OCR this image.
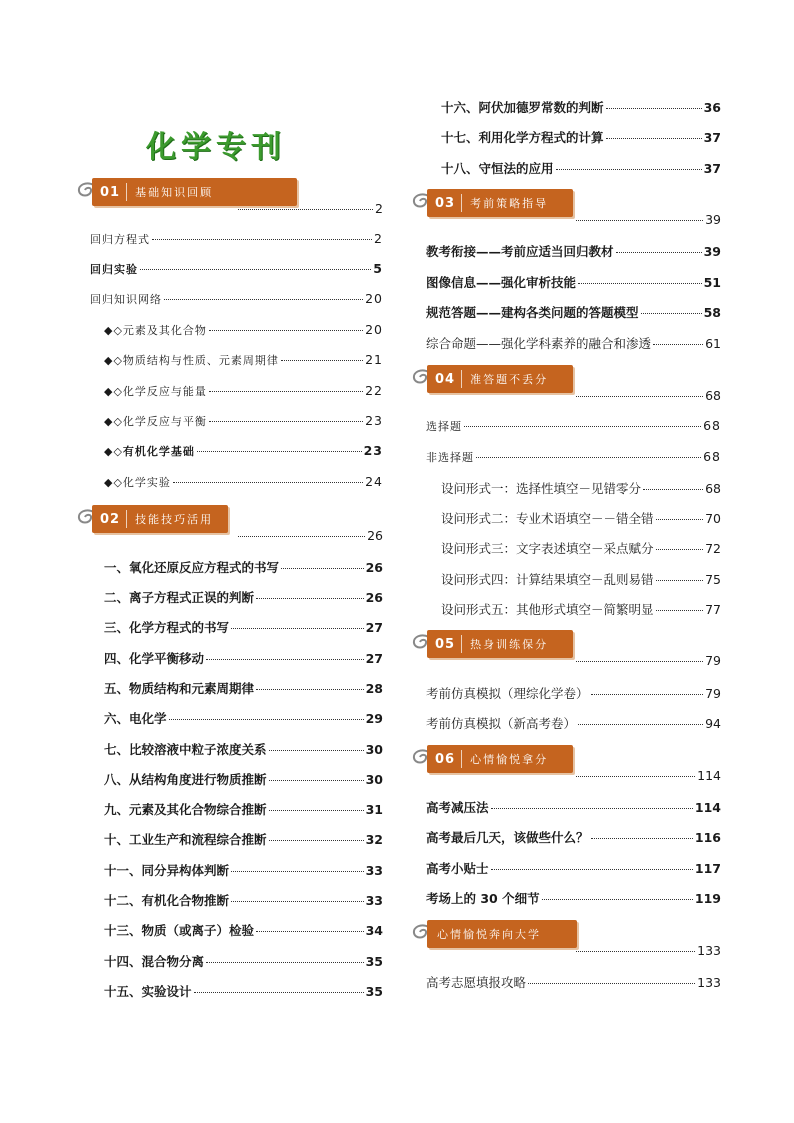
化学专刊
01	基础知识回顾
2
回归方程式	2
回归实验	5
回归知识网络	20
◆◇元素及其化合物	20
◆◇物质结构与性质、元素周期律	21
◆◇化学反应与能量	22
◆◇化学反应与平衡	23
◆◇有机化学基础	23
◆◇化学实验	24
02	技能技巧活用
26
一、氧化还原反应方程式的书写	26
二、离子方程式正误的判断	26
三、化学方程式的书写	27
四、化学平衡移动	27
五、物质结构和元素周期律	28
六、电化学	29
七、比较溶液中粒子浓度关系	30
八、从结构角度进行物质推断	30
九、元素及其化合物综合推断	31
十、工业生产和流程综合推断	32
十一、同分异构体判断	33
十二、有机化合物推断	33
十三、物质（或离子）检验	34
十四、混合物分离	35
十五、实验设计	35
十六、阿伏加德罗常数的判断	36
十七、利用化学方程式的计算	37
十八、守恒法的应用	37
03	考前策略指导
39
教考衔接——考前应适当回归教材	39
图像信息——强化审析技能	51
规范答题——建构各类问题的答题模型	58
综合命题——强化学科素养的融合和渗透	61
04	准答题不丢分
68
选择题	68
非选择题	68
设问形式一：选择性填空－见错零分	68
设问形式二：专业术语填空－－错全错	70
设问形式三：文字表述填空－采点赋分	72
设问形式四：计算结果填空－乱则易错	75
设问形式五：其他形式填空－简繁明显	77
05	热身训练保分
79
考前仿真模拟（理综化学卷）	79
考前仿真模拟（新高考卷）	94
06	心情愉悦拿分
114
高考减压法	114
高考最后几天，该做些什么？	116
高考小贴士	117
考场上的 30 个细节	119
心情愉悦奔向大学
133
高考志愿填报攻略	133
